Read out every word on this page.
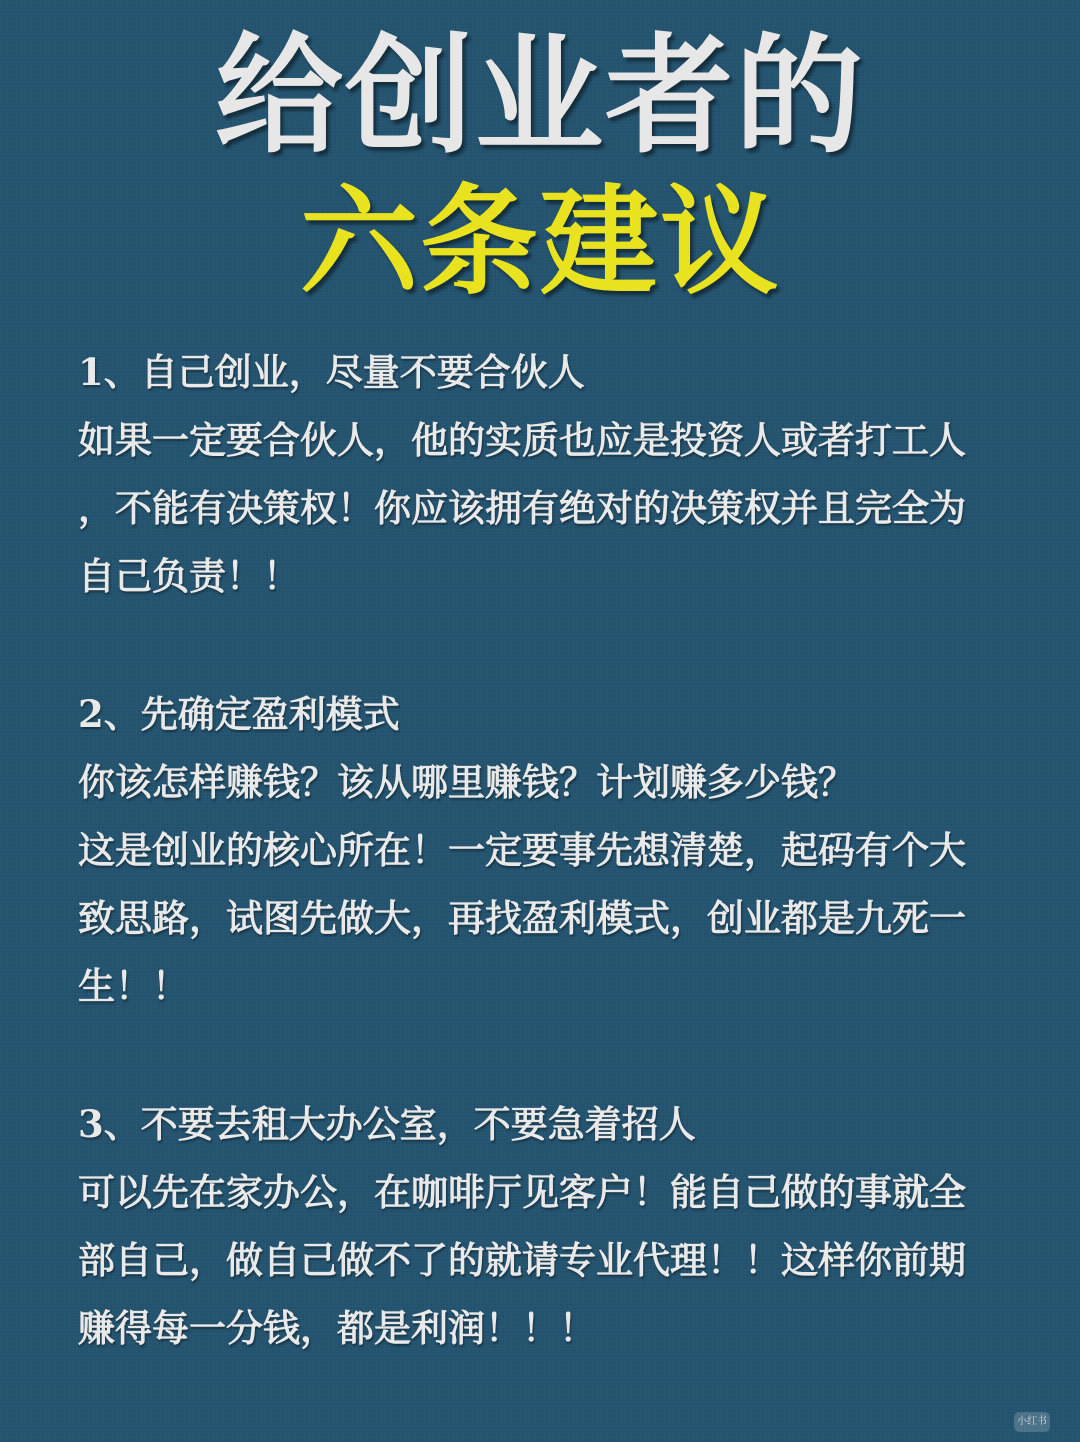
给创业者的
六条建议

1、自己创业，尽量不要合伙人

如果一定要合伙人，他的实质也应是投资人或者打工人

，不能有决策权！你应该拥有绝对的决策权并且完全为

自己负责！！

2、先确定盈利模式

你该怎样赚钱？该从哪里赚钱？计划赚多少钱？

这是创业的核心所在！一定要事先想清楚，起码有个大

致思路，试图先做大，再找盈利模式，创业都是九死一

生！！

3、不要去租大办公室，不要急着招人

可以先在家办公，在咖啡厅见客户！能自己做的事就全

部自己，做自己做不了的就请专业代理！！这样你前期

赚得每一分钱，都是利润！！！

小红书
